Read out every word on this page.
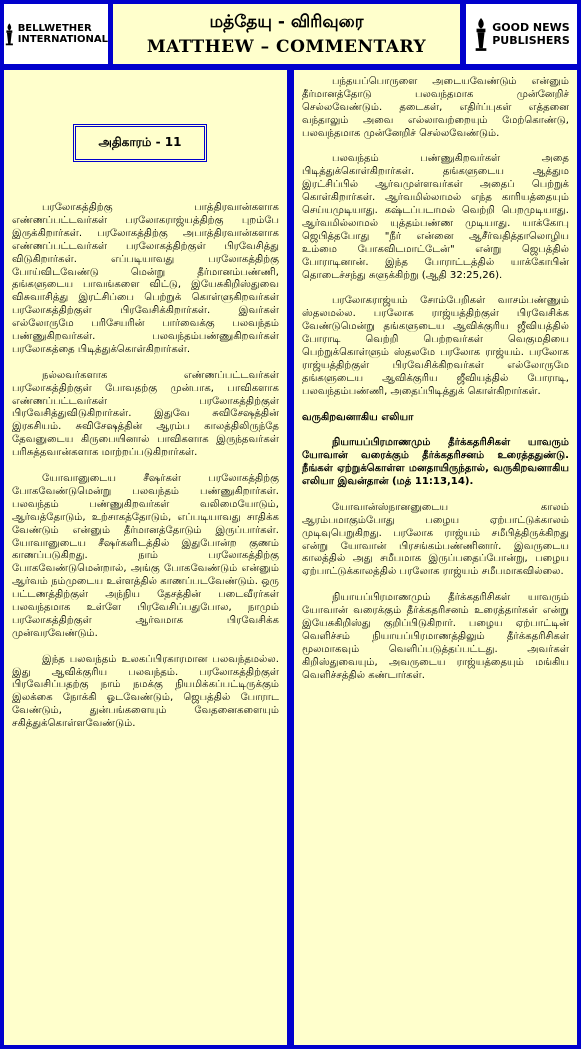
BELLWETHER
INTERNATIONAL
மத்தேயு - விரிவுரை
MATTHEW – COMMENTARY
GOOD NEWS
PUBLISHERS
அதிகாரம் - 11

பரலோகத்திற்கு பாத்திரவான்களாக எண்ணப்பட்டவர்கள் பரலோகராஜ்யத்திற்கு புறம்பே இருக்கிறார்கள். பரலோகத்திற்கு அபாத்திரவான்களாக எண்ணப்பட்டவர்கள் பரலோகத்திற்குள் பிரவேசித்து விடுகிறார்கள். எப்படியாவது பரலோகத்திற்கு போய்விடவேண்டு மென்று தீர்மானம்பண்ணி, தங்களுடைய பாவங்களை விட்டு, இயேசுகிறிஸ்துவை விசுவாசித்து இரட்சிப்பை பெற்றுக் கொள்ளுகிறவர்கள் பரலோகத்திற்குள் பிரவேசிக்கிறார்கள். இவர்கள் எல்லோருமே பரிசேயரின் பார்வைக்கு பலவந்தம் பண்ணுகிறவர்கள். பலவந்தம்பண்ணுகிறவர்கள் பரலோகத்தை பிடித்துக்கொள்கிறார்கள்.

நல்லவர்களாக எண்ணப்பட்டவர்கள் பரலோகத்திற்குள் போவதற்கு முன்பாக, பாவிகளாக எண்ணப்பட்டவர்கள் பரலோகத்திற்குள் பிரவேசித்துவிடுகிறார்கள். இதுவே சுவிசேஷத்தின் இரகசியம். சுவிசேஷத்தின் ஆரம்ப காலத்திலிருந்தே தேவனுடைய கிருபையினால் பாவிகளாக இருந்தவர்கள் பரிசுத்தவான்களாக மாற்றப்படுகிறார்கள்.

யோவானுடைய சீஷர்கள் பரலோகத்திற்கு போகவேண்டுமென்று பலவந்தம் பண்ணுகிறார்கள். பலவந்தம் பண்ணுகிறவர்கள் வலிமையோடும், ஆர்வத்தோடும், உற்சாகத்தோடும், எப்படியாவது சாதிக்க வேண்டும் என்னும் தீர்மானத்தோடும் இருப்பார்கள். யோவானுடைய சீஷர்களிடத்தில் இதுபோன்ற குணம் காணப்படுகிறது. நாம் பரலோகத்திற்கு போகவேண்டுமென்றால், அங்கு போகவேண்டும் என்னும் ஆர்வம் நம்முடைய உள்ளத்தில் காணப்படவேண்டும். ஒரு பட்டணத்திற்குள் அந்நிய தேசத்தின் படைவீரர்கள் பலவந்தமாக உள்ளே பிரவேசிப்பதுபோல, நாமும் பரலோகத்திற்குள் ஆர்வமாக பிரவேசிக்க முன்வரவேண்டும்.

இந்த பலவந்தம் உலகப்பிரகாரமான பலவந்தமல்ல. இது ஆவிக்குரிய பலவந்தம். பரலோகத்திற்குள் பிரவேசிப்பதற்கு நாம் நமக்கு நியமிக்கப்பட்டிருக்கும் இலக்கை நோக்கி ஓடவேண்டும், ஜெபத்தில் போராட வேண்டும், துன்பங்களையும் வேதனைகளையும் சகித்துக்கொள்ளவேண்டும்.

பந்தயப்பொருளை அடையவேண்டும் என்னும் தீர்மானத்தோடு பலவந்தமாக முன்னேறிச் செல்லவேண்டும். தடைகள், எதிர்ப்புகள் எத்தனை வந்தாலும் அவை எல்லாவற்றையும் மேற்கொண்டு, பலவந்தமாக முன்னேறிச் செல்லவேண்டும்.

பலவந்தம் பண்ணுகிறவர்கள் அதை பிடித்துக்கொள்கிறார்கள். தங்களுடைய ஆத்தும இரட்சிப்பில் ஆர்வமுள்ளவர்கள் அதைப் பெற்றுக் கொள்கிறார்கள். ஆர்வமில்லாமல் எந்த காரியத்தையும் செய்யமுடியாது. கஷ்டப்படாமல் வெற்றி பெறமுடியாது. ஆர்வமில்லாமல் யுத்தம்பண்ண முடியாது. யாக்கோபு ஜெபித்தபோது "நீர் என்னை ஆசீர்வதித்தாலொழிய உம்மை போகவிடமாட்டேன்" என்று ஜெபத்தில் போராடினான். இந்த போராட்டத்தில் யாக்கோபின் தொடைச்சந்து சுளுக்கிற்று (ஆதி 32:25,26).

பரலோகராஜ்யம் சோம்பேறிகள் வாசம்பண்ணும் ஸ்தலமல்ல. பரலோக ராஜ்யத்திற்குள் பிரவேசிக்க வேண்டுமென்று தங்களுடைய ஆவிக்குரிய ஜீவியத்தில் போராடி வெற்றி பெற்றவர்கள் வெகுமதியை பெற்றுக்கொள்ளும் ஸ்தலமே பரலோக ராஜ்யம். பரலோக ராஜ்யத்திற்குள் பிரவேசிக்கிறவர்கள் எல்லோருமே தங்களுடைய ஆவிக்குரிய ஜீவியத்தில் போராடி, பலவந்தம்பண்ணி, அதைப்பிடித்துக் கொள்கிறார்கள்.

வருகிறவனாகிய எலியா

நியாயப்பிரமாணமும் தீர்க்கதரிசிகள் யாவரும் யோவான் வரைக்கும் தீர்க்கதரிசனம் உரைத்ததுண்டு. நீங்கள் ஏற்றுக்கொள்ள மனதாயிருந்தால், வருகிறவனாகிய எலியா இவன்தான் (மத் 11:13,14).

யோவான்ஸ்நானனுடைய காலம் ஆரம்பமாகும்போது பழைய ஏற்பாட்டுக்காலம் முடிவுபெறுகிறது. பரலோக ராஜ்யம் சமீபித்திருக்கிறது என்று யோவான் பிரசங்கம்பண்ணினார். இவருடைய காலத்தில் அது சமீபமாக இருப்பதைப்போன்று, பழைய ஏற்பாட்டுக்காலத்தில் பரலோக ராஜ்யம் சமீபமாகவில்லை.

நியாயப்பிரமாணமும் தீர்க்கதரிசிகள் யாவரும் யோவான் வரைக்கும் தீர்க்கதரிசனம் உரைத்தார்கள் என்று இயேசுகிறிஸ்து குறிப்பிடுகிறார். பழைய ஏற்பாட்டின் வெளிச்சம் நியாயப்பிரமாணத்திலும் தீர்க்கதரிசிகள் மூலமாகவும் வெளிப்படுத்தப்பட்டது. அவர்கள் கிறிஸ்துவையும், அவருடைய ராஜ்யத்தையும் மங்கிய வெளிச்சத்தில் கண்டார்கள்.
